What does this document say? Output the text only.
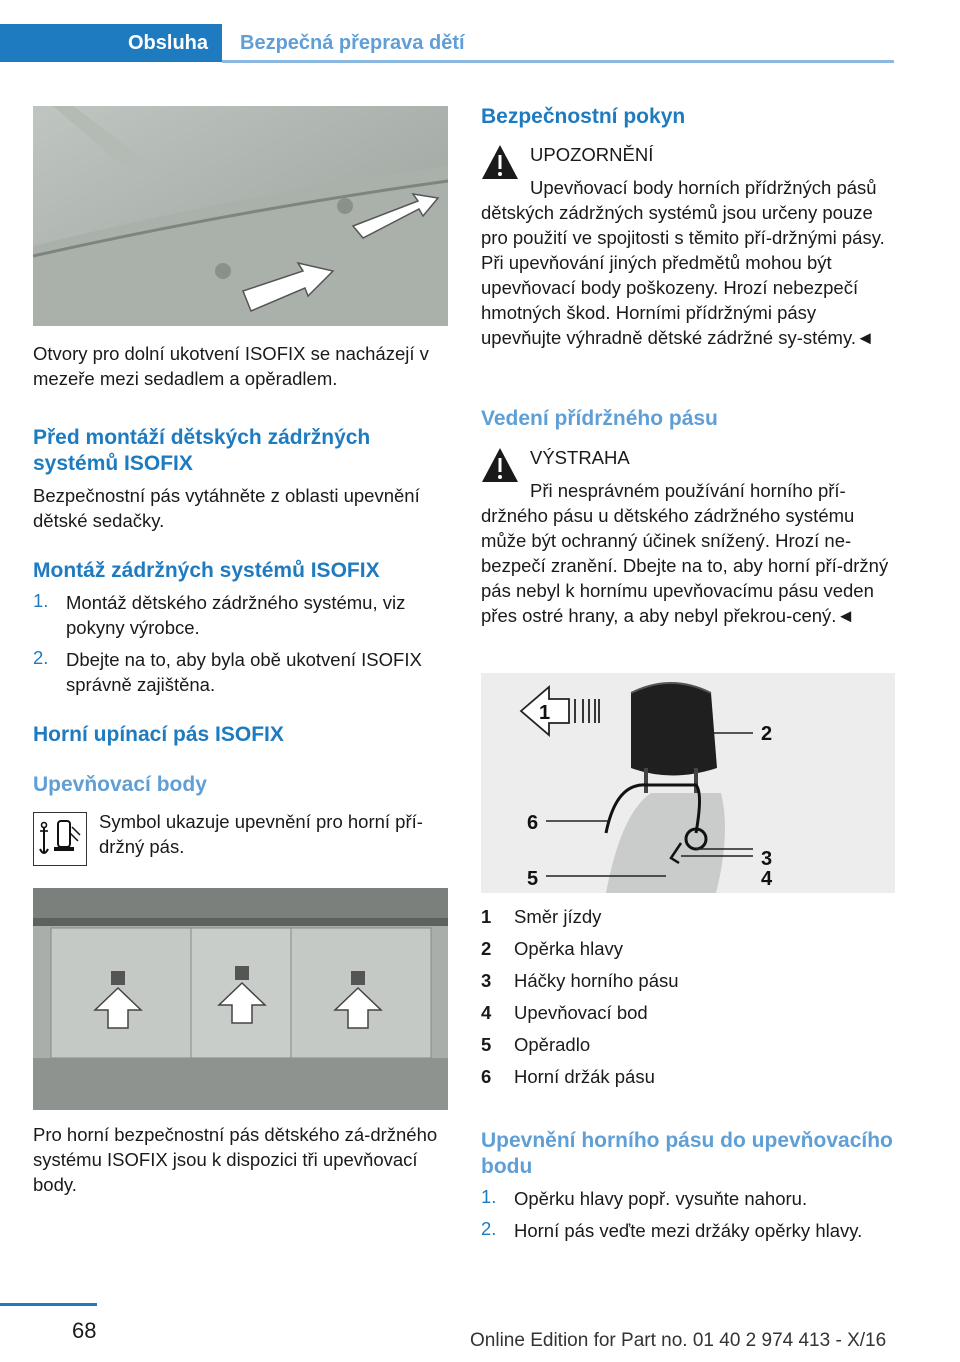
Obsluha	Bezpečná přeprava dětí

Otvory pro dolní ukotvení ISOFIX se nacházejí v mezeře mezi sedadlem a opěradlem.

Před montáží dětských zádržných systémů ISOFIX

Bezpečnostní pás vytáhněte z oblasti upevnění dětské sedačky.

Montáž zádržných systémů ISOFIX
1. Montáž dětského zádržného systému, viz pokyny výrobce.
2. Dbejte na to, aby byla obě ukotvení ISOFIX správně zajištěna.
Horní upínací pás ISOFIX
Upevňovací body

Symbol ukazuje upevnění pro horní pří‐držný pás.

Pro horní bezpečnostní pás dětského zá‐držného systému ISOFIX jsou k dispozici tři upevňovací body.

Bezpečnostní pokyn

UPOZORNĚNÍ

Upevňovací body horních přídržných pásů dětských zádržných systémů jsou určeny pouze pro použití ve spojitosti s těmito pří‐držnými pásy. Při upevňování jiných předmětů mohou být upevňovací body poškozeny. Hrozí nebezpečí hmotných škod. Horními přídržnými pásy upevňujte výhradně dětské zádržné sy‐stémy.◄

Vedení přídržného pásu

VÝSTRAHA

Při nesprávném používání horního pří‐držného pásu u dětského zádržného systému může být ochranný účinek snížený. Hrozí ne‐bezpečí zranění. Dbejte na to, aby horní pří‐držný pás nebyl k hornímu upevňovacímu pásu veden přes ostré hrany, a aby nebyl překrou‐cený.◄

1
2
3
4
5
6
1 Směr jízdy
2 Opěrka hlavy
3 Háčky horního pásu
4 Upevňovací bod
5 Opěradlo
6 Horní držák pásu
Upevnění horního pásu do upevňovacího bodu
1. Opěrku hlavy popř. vysuňte nahoru.
2. Horní pás veďte mezi držáky opěrky hlavy.
68	Online Edition for Part no. 01 40 2 974 413 - X/16
